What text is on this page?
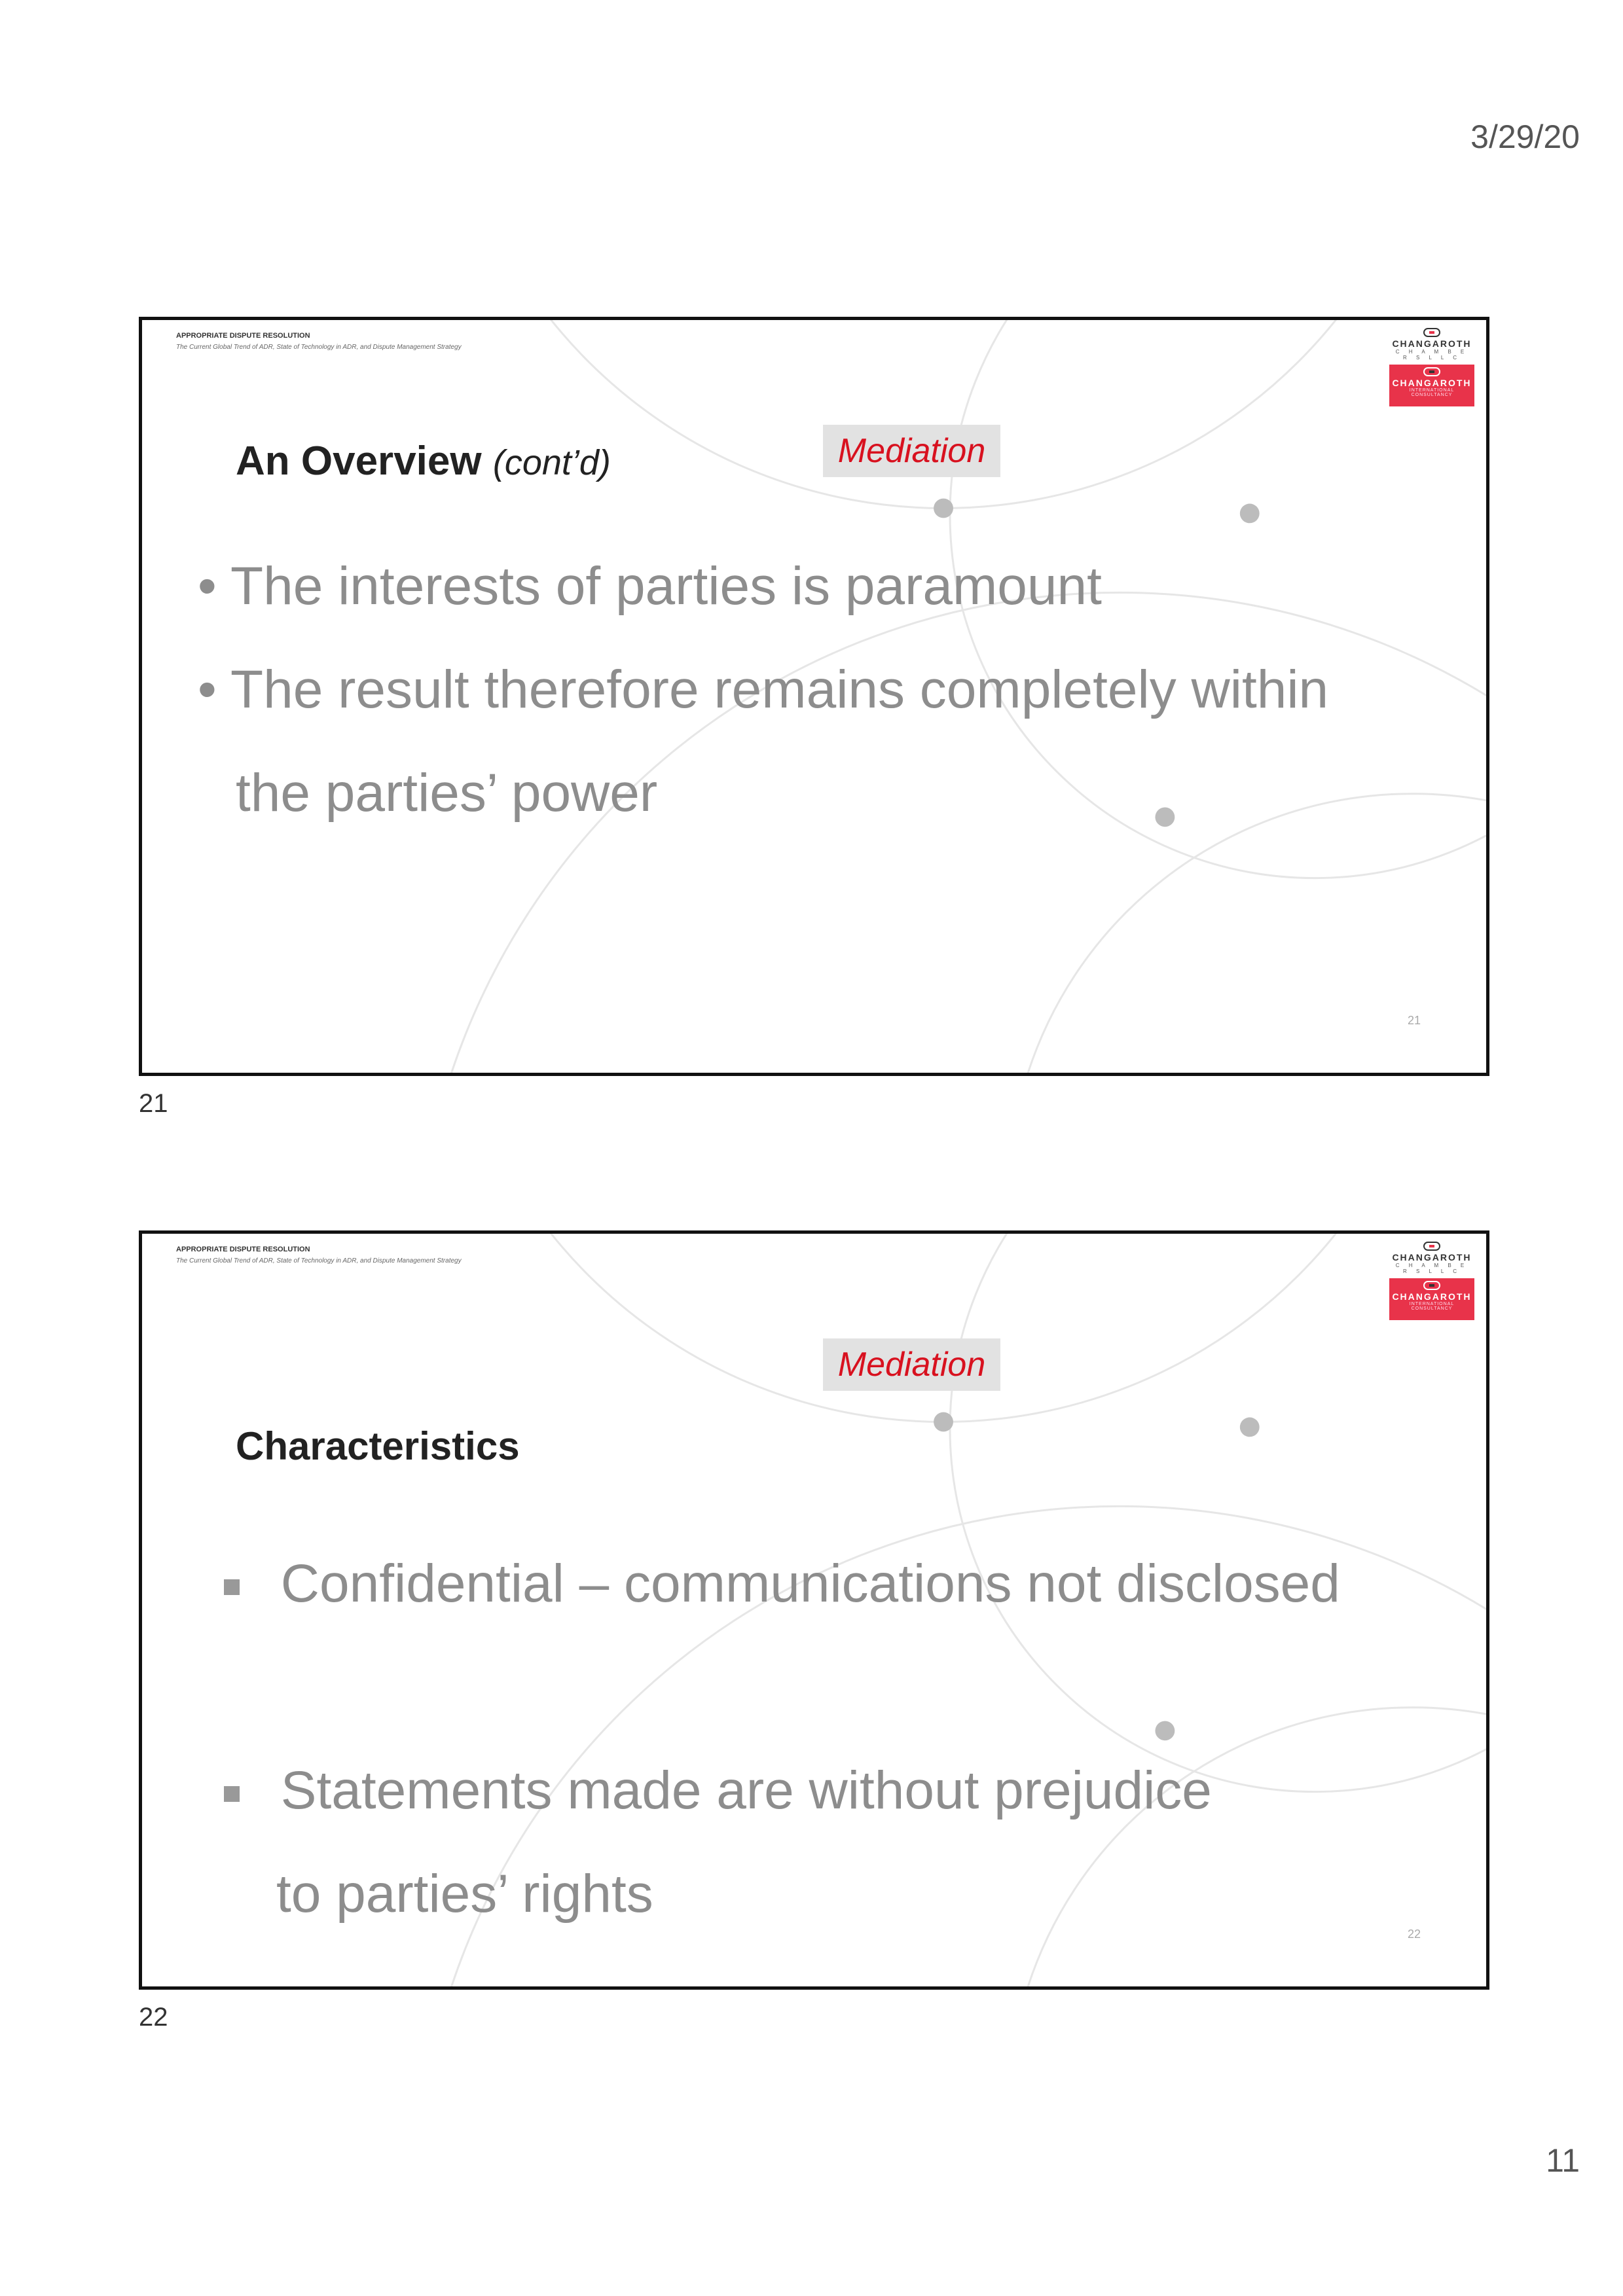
3/29/20
APPROPRIATE DISPUTE RESOLUTION
The Current Global Trend of ADR, State of Technology in ADR, and Dispute Management Strategy	CHANGAROTH
C H A M B E R S L L C
CHANGAROTH
INTERNATIONAL CONSULTANCY
Mediation
An Overview (cont’d)
• The interests of parties is paramount
• The result therefore remains completely within
the parties’ power
21
21
APPROPRIATE DISPUTE RESOLUTION
The Current Global Trend of ADR, State of Technology in ADR, and Dispute Management Strategy	CHANGAROTH
C H A M B E R S L L C
CHANGAROTH
INTERNATIONAL CONSULTANCY
Mediation
Characteristics
Confidential – communications not disclosed
Statements made are without prejudice
to parties’ rights
22
22
11
